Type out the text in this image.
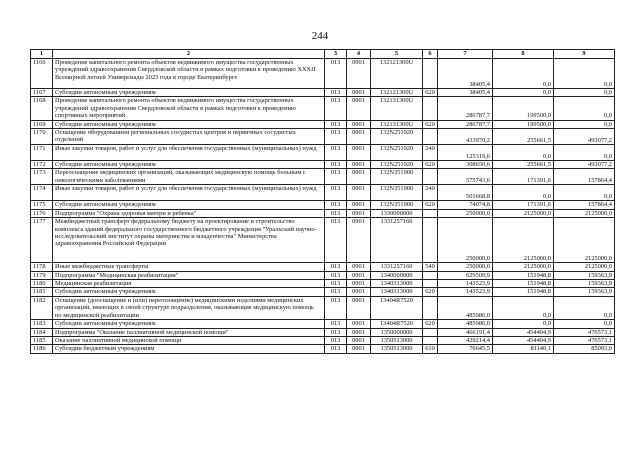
244
1	2	3	4	5	6	7	8	9
1166	Проведение капитального ремонта объектов недвижимого имущества государственных учреждений здравоохранения Свердловской области в рамках подготовки к проведению XXXII Всемирной летней Универсиады 2023 года в городе Екатеринбурге	013	0901	132121300U		38405,4	0,0	0,0
1167	Субсидии автономным учреждениям	013	0901	132121300U	620	38405,4	0,0	0,0
1168	Проведение капитального ремонта объектов недвижимого имущества государственных учреждений здравоохранения Свердловской области в рамках подготовки к проведению спортивных мероприятий	013	0901	132131300U		286787,7	199500,0	0,0
1169	Субсидии автономным учреждениям	013	0901	132131300U	620	286787,7	199500,0	0,0
1170	Оснащение оборудованием региональных сосудистых центров и первичных сосудистых отделений	013	0901	132N251920		433970,2	255661,5	493077,2
1171	Иные закупки товаров, работ и услуг для обеспечения государственных (муниципальных) нужд	013	0901	132N251920	240	125319,6	0,0	0,0
1172	Субсидии автономным учреждениям	013	0901	132N251920	620	308650,6	255661,5	493077,2
1173	Переоснащение медицинских организаций, оказывающих медицинскую помощь больным с онкологическими заболеваниями	013	0901	132N351900		575743,6	171391,6	157864,4
1174	Иные закупки товаров, работ и услуг для обеспечения государственных (муниципальных) нужд	013	0901	132N351900	240	501668,8	0,0	0,0
1175	Субсидии автономным учреждениям	013	0901	132N351900	620	74074,8	171391,6	157864,4
1176	Подпрограмма "Охрана здоровья матери и ребенка"	013	0901	1330000000		250000,0	2125000,0	2125000,0
1177	Межбюджетный трансферт федеральному бюджету на проектирование и строительство комплекса зданий федерального государственного бюджетного учреждения "Уральский научно-исследовательский институт охраны материнства и младенчества" Министерства здравоохранения Российской Федерации	013	0901	1331257160		250000,0	2125000,0	2125000,0
1178	Иные межбюджетные трансферты	013	0901	1331257160	540	250000,0	2125000,0	2125000,0
1179	Подпрограмма "Медицинская реабилитация"	013	0901	1340000000		629509,9	151948,8	159363,9
1180	Медицинская реабилитация	013	0901	1340313000		143523,9	151948,8	159363,9
1181	Субсидии автономным учреждениям	013	0901	1340313000	620	143523,9	151948,8	159363,9
1182	Оснащение (дооснащение и (или) переоснащение) медицинскими изделиями медицинских организаций, имеющих в своей структуре подразделения, оказывающие медицинскую помощь по медицинской реабилитации	013	0901	13404R7520		485986,0	0,0	0,0
1183	Субсидии автономным учреждениям	013	0901	13404R7520	620	485986,0	0,0	0,0
1184	Подпрограмма "Оказание паллиативной медицинской помощи"	013	0901	1350000000		466191,4	454404,9	476573,1
1185	Оказание паллиативной медицинской помощи	013	0901	1350513000		429214,4	454404,9	476573,1
1186	Субсидии бюджетным учреждениям	013	0901	1350513000	610	76645,5	81140,1	85093,0
